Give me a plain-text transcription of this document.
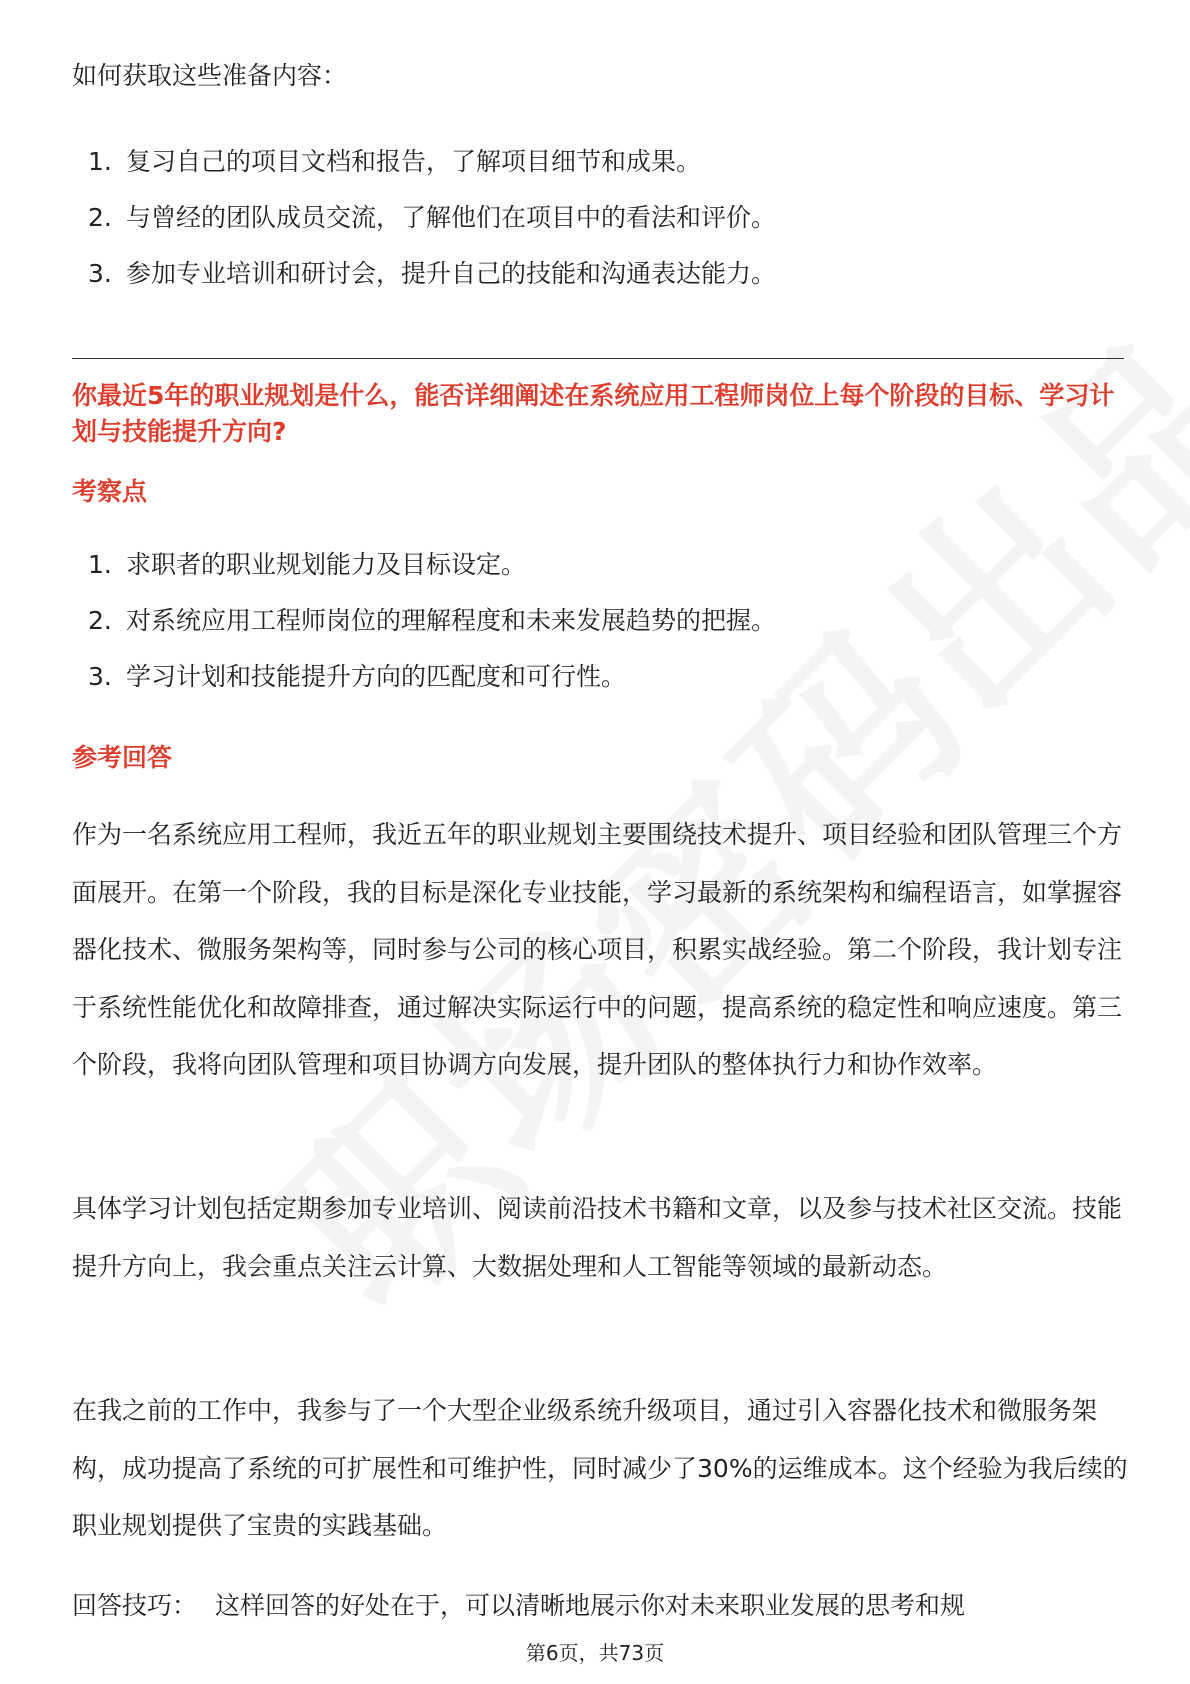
如何获取这些准备内容：
1. 复习自己的项目文档和报告，了解项目细节和成果。
2. 与曾经的团队成员交流，了解他们在项目中的看法和评价。
3. 参加专业培训和研讨会，提升自己的技能和沟通表达能力。
你最近5年的职业规划是什么，能否详细阐述在系统应用工程师岗位上每个阶段的目标、学习计划与技能提升方向?
考察点
1. 求职者的职业规划能力及目标设定。
2. 对系统应用工程师岗位的理解程度和未来发展趋势的把握。
3. 学习计划和技能提升方向的匹配度和可行性。
参考回答

作为一名系统应用工程师，我近五年的职业规划主要围绕技术提升、项目经验和团队管理三个方面展开。在第一个阶段，我的目标是深化专业技能，学习最新的系统架构和编程语言，如掌握容器化技术、微服务架构等，同时参与公司的核心项目，积累实战经验。第二个阶段，我计划专注于系统性能优化和故障排查，通过解决实际运行中的问题，提高系统的稳定性和响应速度。第三个阶段，我将向团队管理和项目协调方向发展，提升团队的整体执行力和协作效率。

具体学习计划包括定期参加专业培训、阅读前沿技术书籍和文章，以及参与技术社区交流。技能提升方向上，我会重点关注云计算、大数据处理和人工智能等领域的最新动态。

在我之前的工作中，我参与了一个大型企业级系统升级项目，通过引入容器化技术和微服务架构，成功提高了系统的可扩展性和可维护性，同时减少了30%的运维成本。这个经验为我后续的职业规划提供了宝贵的实践基础。

回答技巧： 这样回答的好处在于，可以清晰地展示你对未来职业发展的思考和规
第6页，共73页
